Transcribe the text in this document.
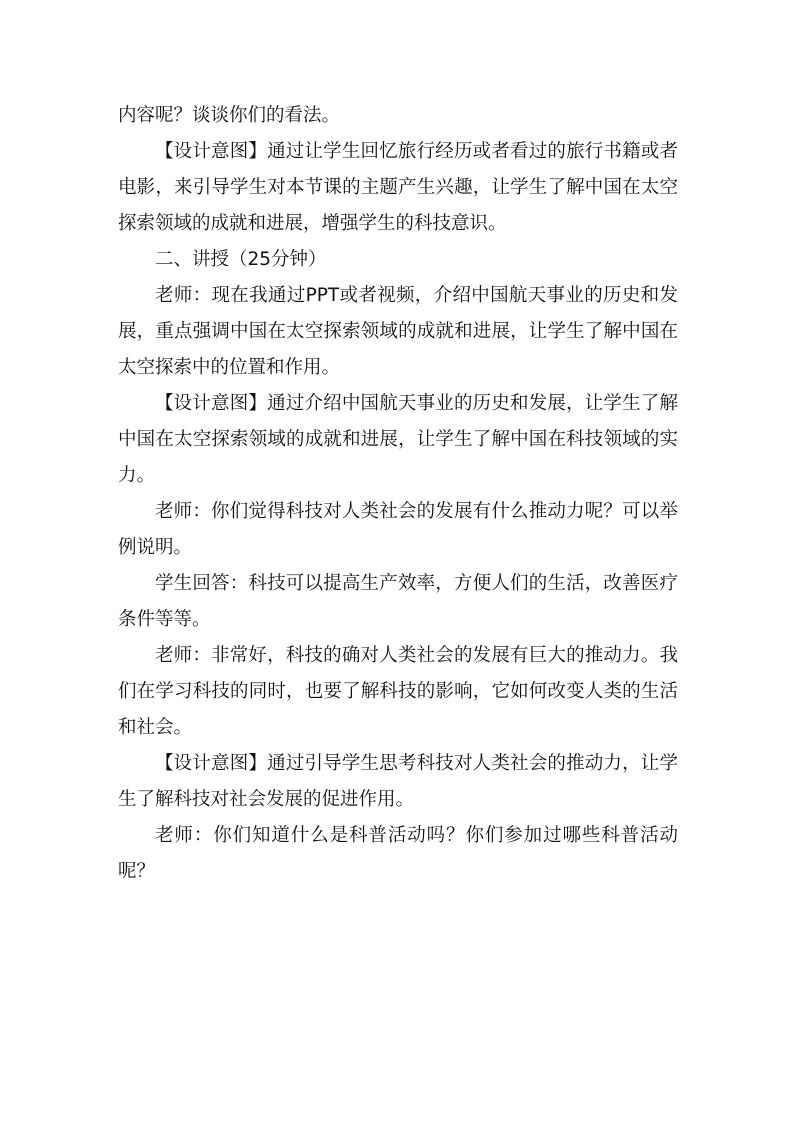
内容呢？谈谈你们的看法。

【设计意图】通过让学生回忆旅行经历或者看过的旅行书籍或者电影，来引导学生对本节课的主题产生兴趣，让学生了解中国在太空探索领域的成就和进展，增强学生的科技意识。

二、讲授（25分钟）

老师：现在我通过PPT或者视频，介绍中国航天事业的历史和发展，重点强调中国在太空探索领域的成就和进展，让学生了解中国在太空探索中的位置和作用。

【设计意图】通过介绍中国航天事业的历史和发展，让学生了解中国在太空探索领域的成就和进展，让学生了解中国在科技领域的实力。

老师：你们觉得科技对人类社会的发展有什么推动力呢？可以举例说明。

学生回答：科技可以提高生产效率，方便人们的生活，改善医疗条件等等。

老师：非常好，科技的确对人类社会的发展有巨大的推动力。我们在学习科技的同时，也要了解科技的影响，它如何改变人类的生活和社会。

【设计意图】通过引导学生思考科技对人类社会的推动力，让学生了解科技对社会发展的促进作用。

老师：你们知道什么是科普活动吗？你们参加过哪些科普活动呢？
